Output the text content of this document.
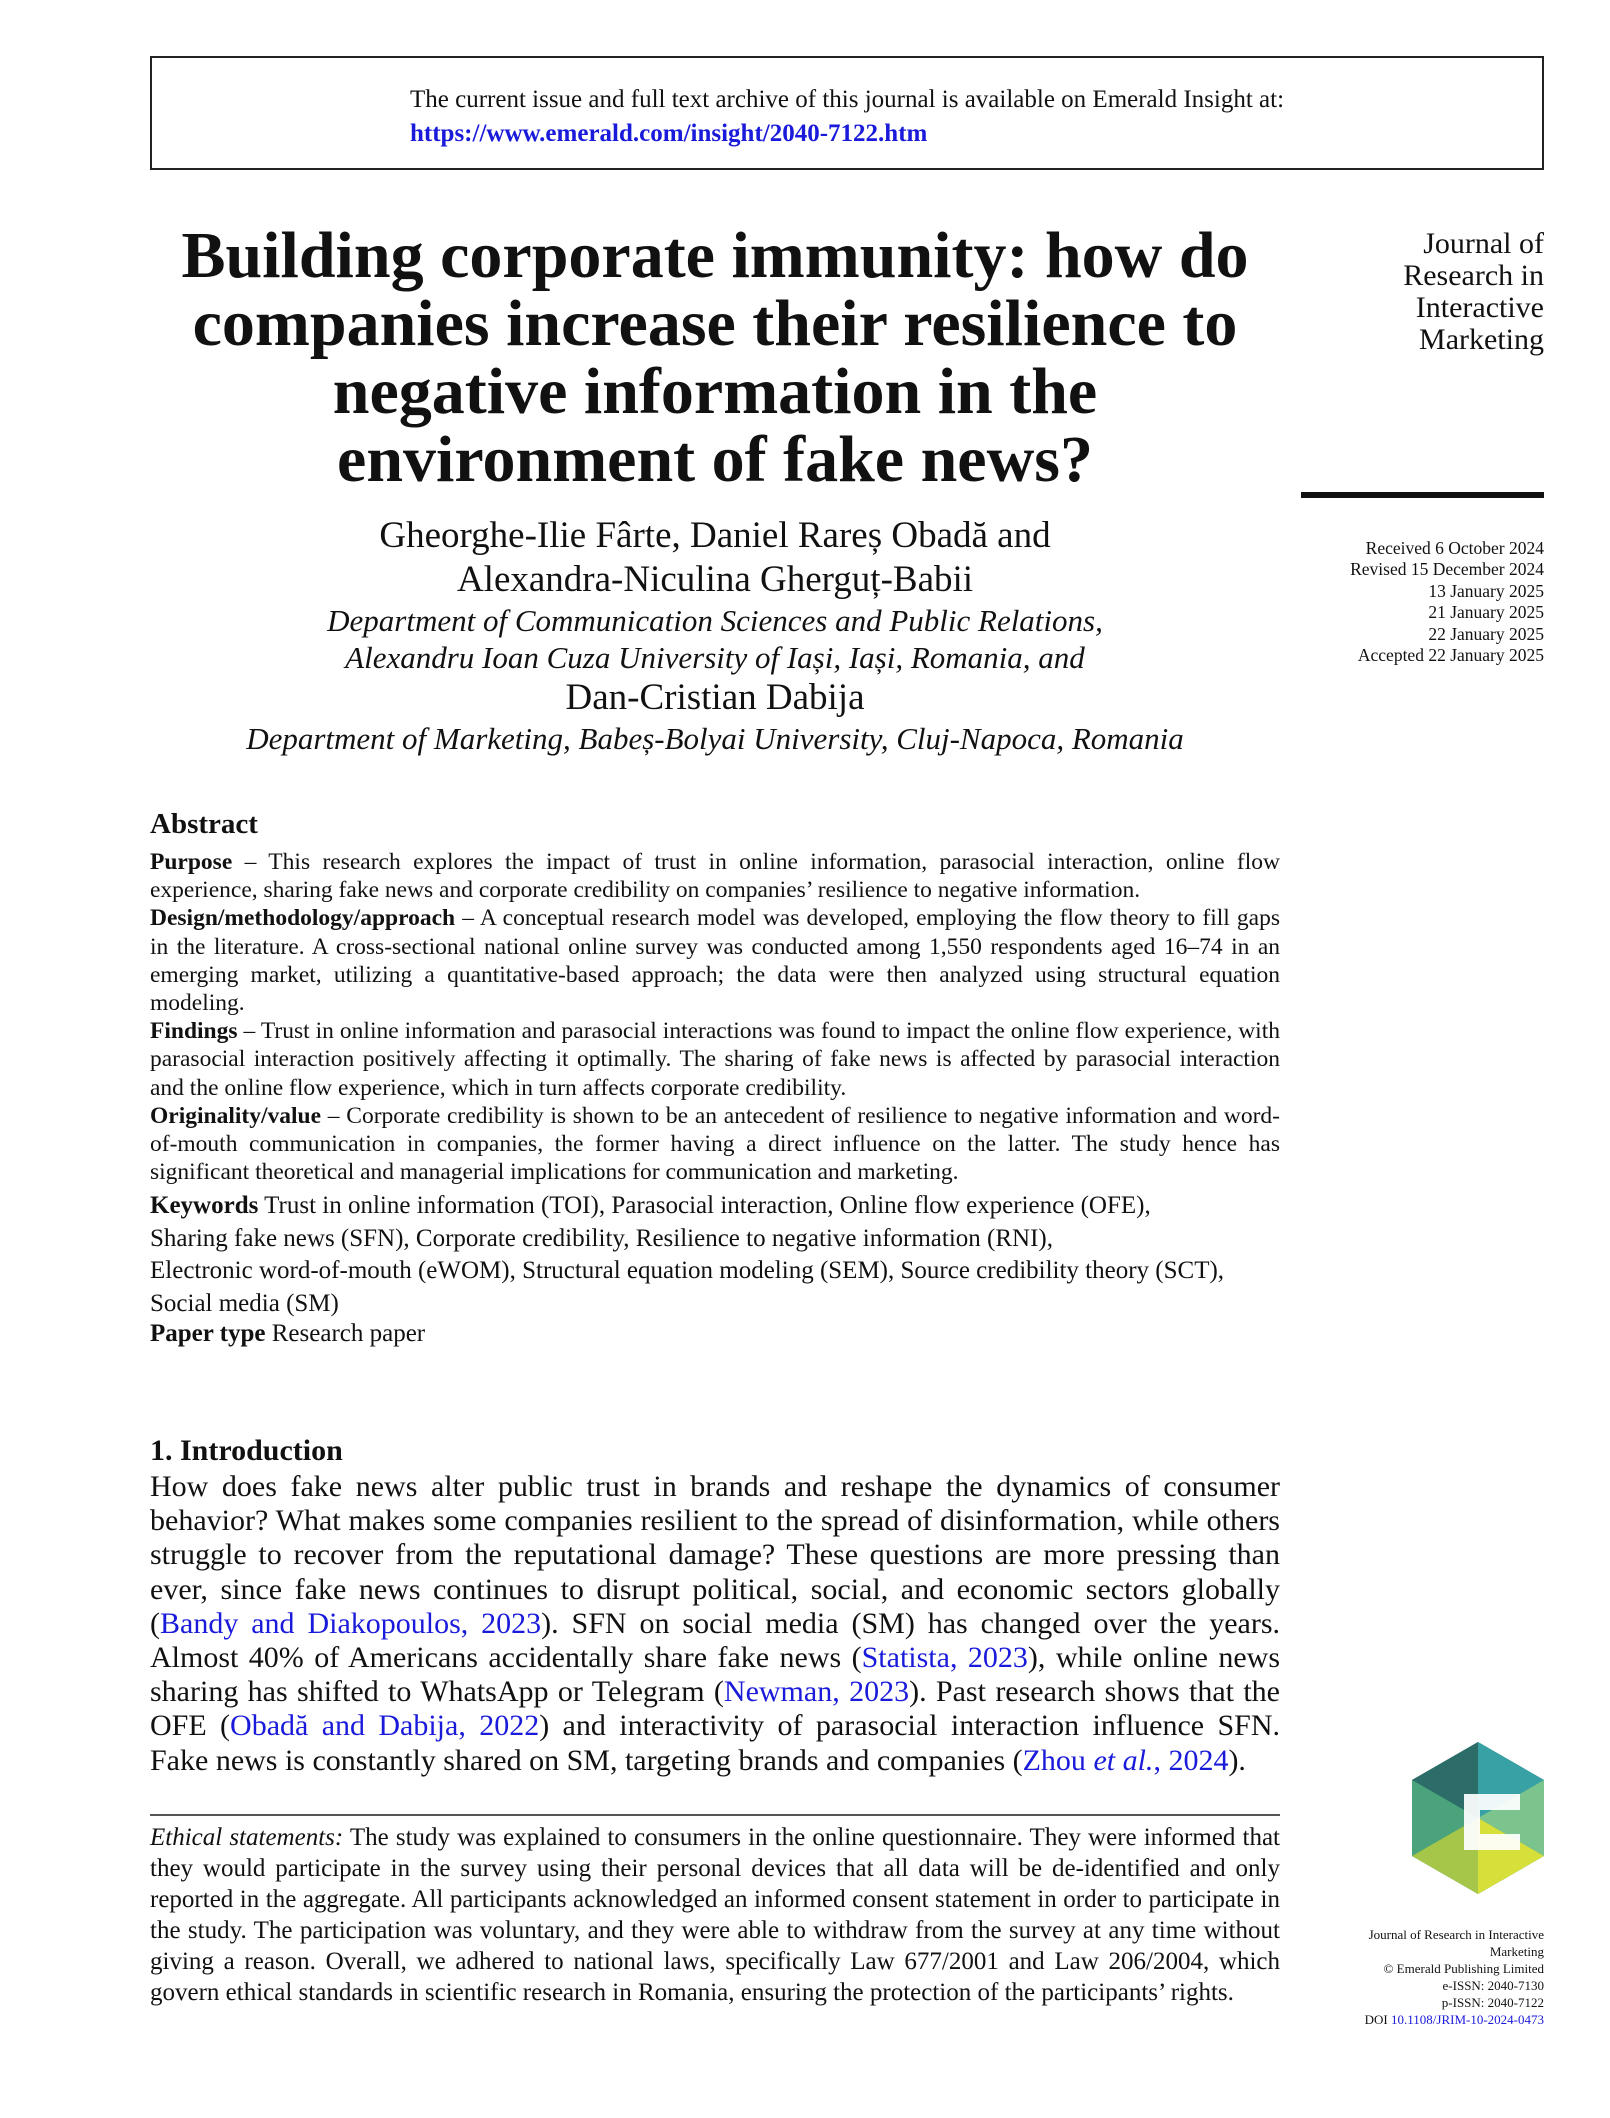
The current issue and full text archive of this journal is available on Emerald Insight at:
https://www.emerald.com/insight/2040-7122.htm
Building corporate immunity: how do
companies increase their resilience to
negative information in the
environment of fake news?
Journal of
Research in
Interactive
Marketing
Received 6 October 2024
Revised 15 December 2024
13 January 2025
21 January 2025
22 January 2025
Accepted 22 January 2025
Gheorghe-Ilie Fârte, Daniel Rareș Obadă and
Alexandra-Niculina Gherguț-Babii
Department of Communication Sciences and Public Relations,
Alexandru Ioan Cuza University of Iași, Iași, Romania, and
Dan-Cristian Dabija
Department of Marketing, Babeș-Bolyai University, Cluj-Napoca, Romania
Abstract

Purpose – This research explores the impact of trust in online information, parasocial interaction, online flow experience, sharing fake news and corporate credibility on companies’ resilience to negative information.

Design/methodology/approach – A conceptual research model was developed, employing the flow theory to fill gaps in the literature. A cross-sectional national online survey was conducted among 1,550 respondents aged 16–74 in an emerging market, utilizing a quantitative-based approach; the data were then analyzed using structural equation modeling.

Findings – Trust in online information and parasocial interactions was found to impact the online flow experience, with parasocial interaction positively affecting it optimally. The sharing of fake news is affected by parasocial interaction and the online flow experience, which in turn affects corporate credibility.

Originality/value – Corporate credibility is shown to be an antecedent of resilience to negative information and word-of-mouth communication in companies, the former having a direct influence on the latter. The study hence has significant theoretical and managerial implications for communication and marketing.

Keywords Trust in online information (TOI), Parasocial interaction, Online flow experience (OFE),
Sharing fake news (SFN), Corporate credibility, Resilience to negative information (RNI),
Electronic word-of-mouth (eWOM), Structural equation modeling (SEM), Source credibility theory (SCT),
Social media (SM)
Paper type Research paper
1. Introduction

How does fake news alter public trust in brands and reshape the dynamics of consumer behavior? What makes some companies resilient to the spread of disinformation, while others struggle to recover from the reputational damage? These questions are more pressing than ever, since fake news continues to disrupt political, social, and economic sectors globally (Bandy and Diakopoulos, 2023). SFN on social media (SM) has changed over the years. Almost 40% of Americans accidentally share fake news (Statista, 2023), while online news sharing has shifted to WhatsApp or Telegram (Newman, 2023). Past research shows that the OFE (Obadă and Dabija, 2022) and interactivity of parasocial interaction influence SFN. Fake news is constantly shared on SM, targeting brands and companies (Zhou et al., 2024).

Ethical statements: The study was explained to consumers in the online questionnaire. They were informed that they would participate in the survey using their personal devices that all data will be de-identified and only reported in the aggregate. All participants acknowledged an informed consent statement in order to participate in the study. The participation was voluntary, and they were able to withdraw from the survey at any time without giving a reason. Overall, we adhered to national laws, specifically Law 677/2001 and Law 206/2004, which govern ethical standards in scientific research in Romania, ensuring the protection of the participants’ rights.

Journal of Research in Interactive
Marketing
© Emerald Publishing Limited
e-ISSN: 2040-7130
p-ISSN: 2040-7122
DOI 10.1108/JRIM-10-2024-0473
